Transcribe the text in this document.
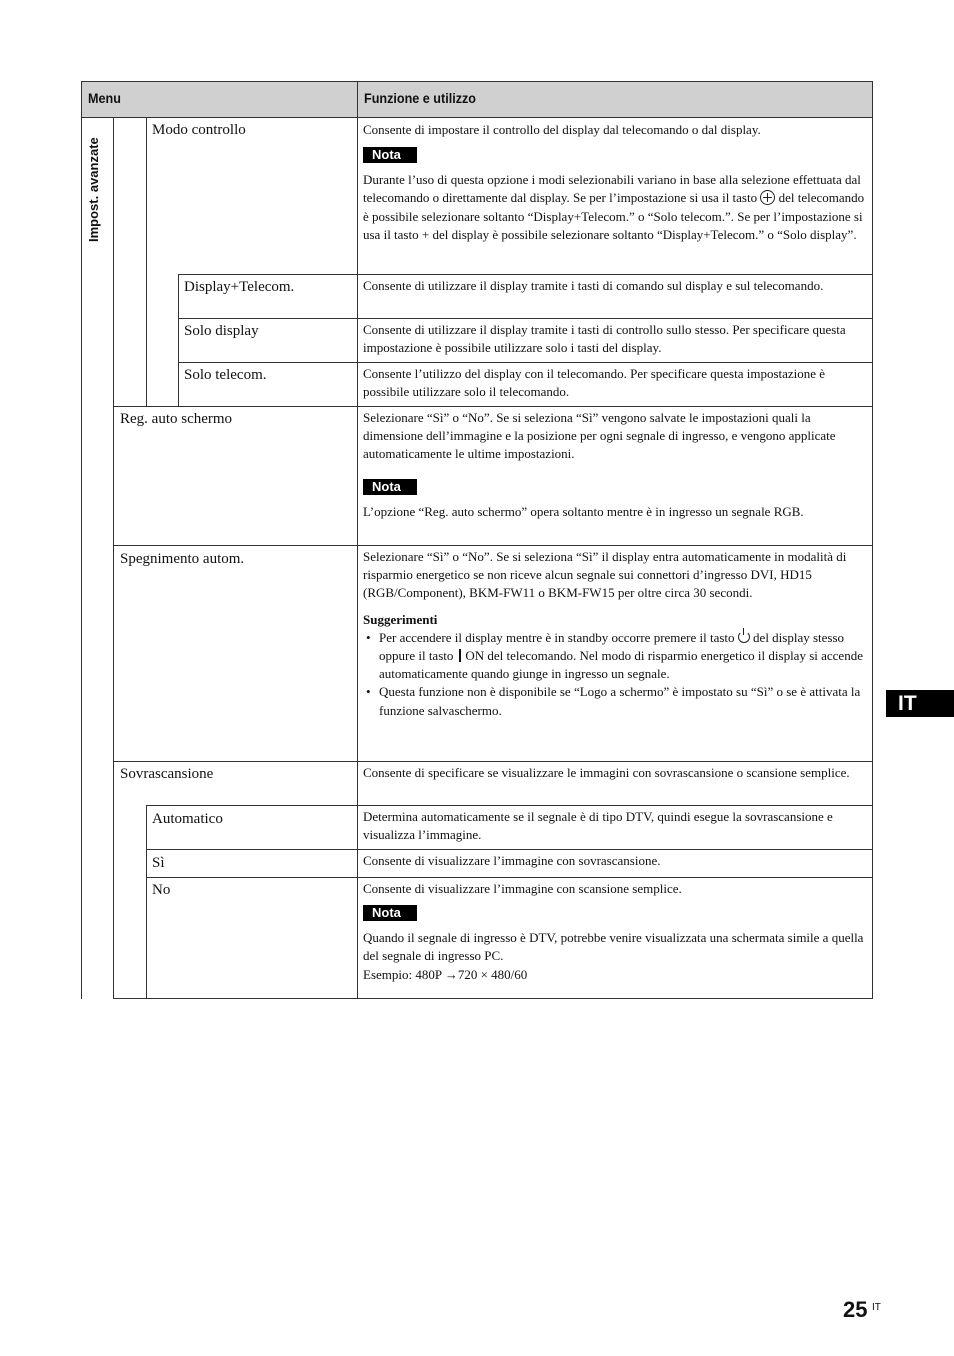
Menu	Funzione e utilizzo
Impost. avanzate
Modo controllo	Consente di impostare il controllo del display dal telecomando o dal display.

Nota

Durante l’uso di questa opzione i modi selezionabili variano in base alla selezione effettuata dal telecomando o direttamente dal display. Se per l’impostazione si usa il tasto del telecomando è possibile selezionare soltanto “Display+Telecom.” o “Solo telecom.”. Se per l’impostazione si usa il tasto + del display è possibile selezionare soltanto “Display+Telecom.” o “Solo display”.

Display+Telecom.	Consente di utilizzare il display tramite i tasti di comando sul display e sul telecomando.
Solo display	Consente di utilizzare il display tramite i tasti di controllo sullo stesso. Per specificare questa impostazione è possibile utilizzare solo i tasti del display.
Solo telecom.	Consente l’utilizzo del display con il telecomando. Per specificare questa impostazione è possibile utilizzare solo il telecomando.
Reg. auto schermo	Selezionare “Sì” o “No”. Se si seleziona “Sì” vengono salvate le impostazioni quali la dimensione dell’immagine e la posizione per ogni segnale di ingresso, e vengono applicate automaticamente le ultime impostazioni.

Nota

L’opzione “Reg. auto schermo” opera soltanto mentre è in ingresso un segnale RGB.

Spegnimento autom.	Selezionare “Sì” o “No”. Se si seleziona “Sì” il display entra automaticamente in modalità di risparmio energetico se non riceve alcun segnale sui connettori d’ingresso DVI, HD15 (RGB/Component), BKM-FW11 o BKM-FW15 per oltre circa 30 secondi.

Suggerimenti

• Per accendere il display mentre è in standby occorre premere il tasto del display stesso oppure il tasto ON del telecomando. Nel modo di risparmio energetico il display si accende automaticamente quando giunge in ingresso un segnale.
• Questa funzione non è disponibile se “Logo a schermo” è impostato su “Sì” o se è attivata la funzione salvaschermo.
Sovrascansione	Consente di specificare se visualizzare le immagini con sovrascansione o scansione semplice.
Automatico	Determina automaticamente se il segnale è di tipo DTV, quindi esegue la sovrascansione e visualizza l’immagine.
Sì	Consente di visualizzare l’immagine con sovrascansione.
No	Consente di visualizzare l’immagine con scansione semplice.

Nota

Quando il segnale di ingresso è DTV, potrebbe venire visualizzata una schermata simile a quella del segnale di ingresso PC.

Esempio: 480P →720 × 480/60

IT
25 IT
